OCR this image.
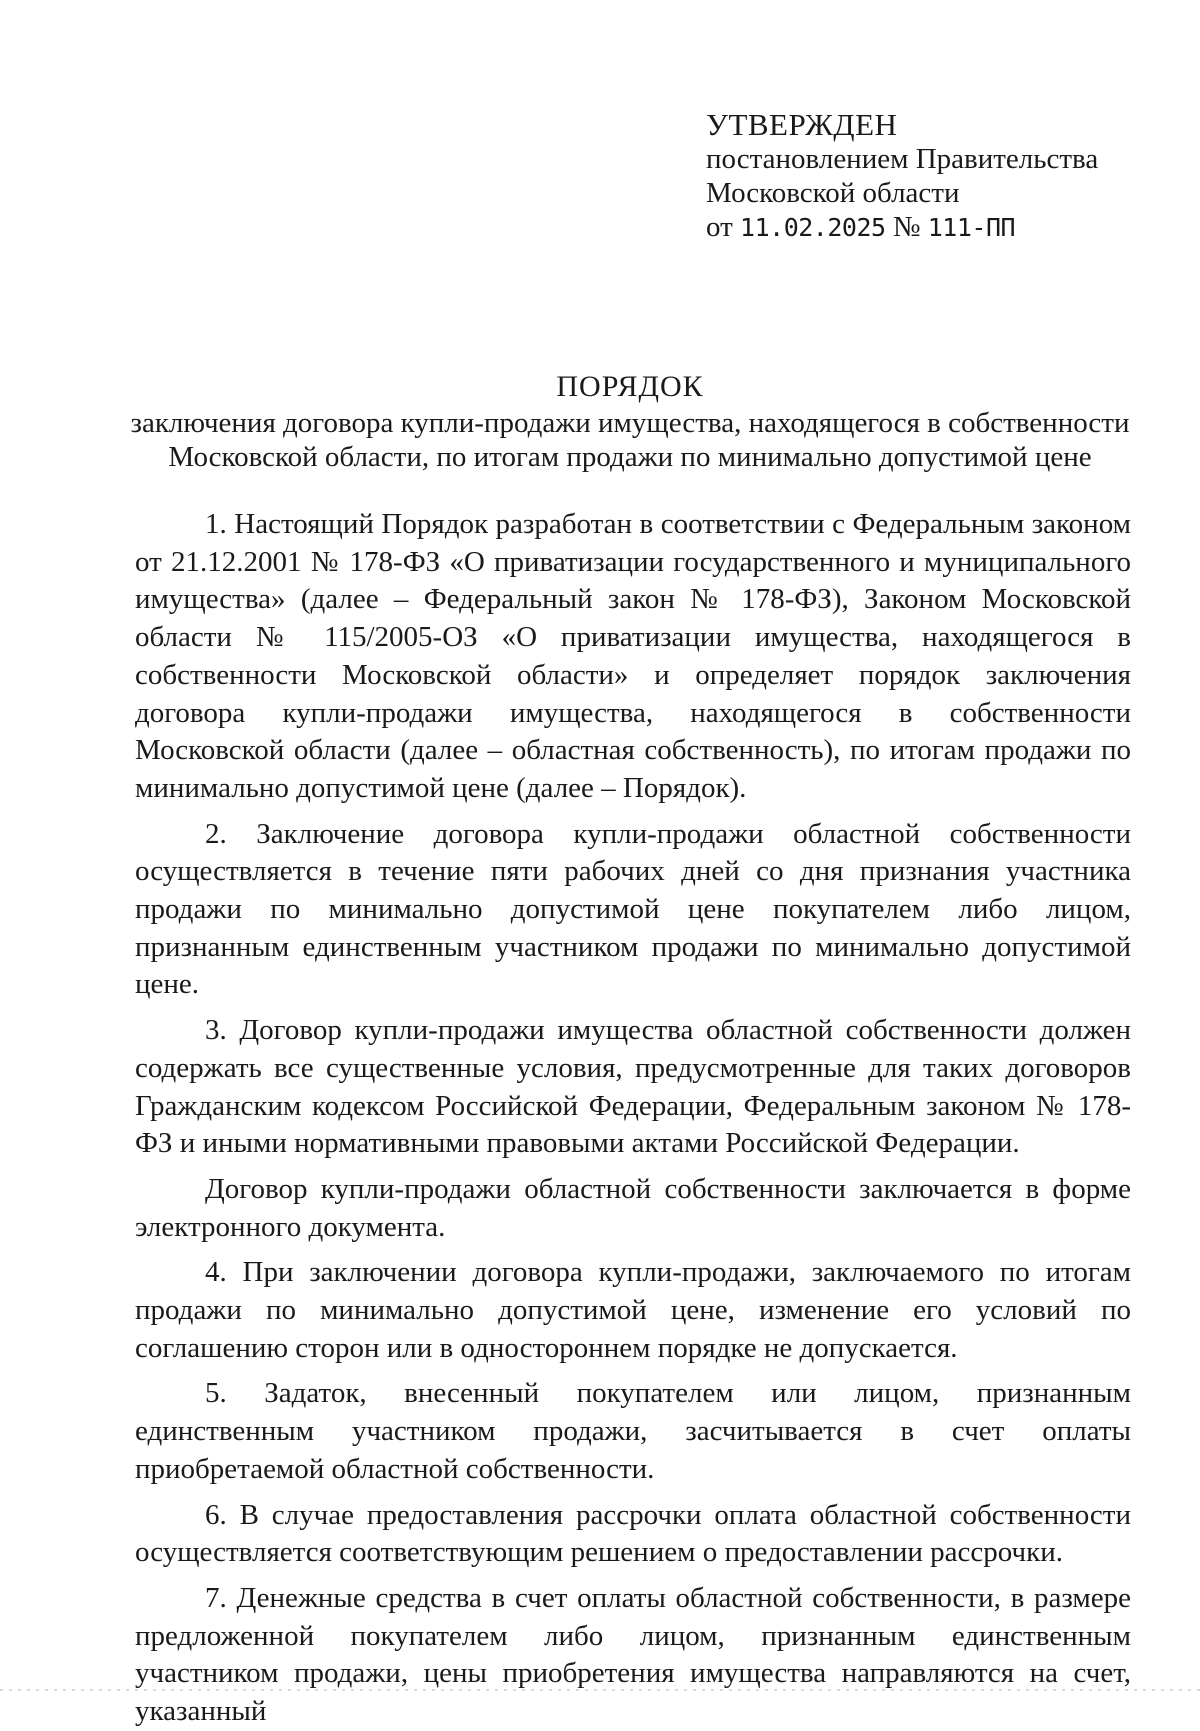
УТВЕРЖДЕН
постановлением Правительства
Московской области
от 11.02.2025 № 111-ПП
ПОРЯДОК
заключения договора купли-продажи имущества, находящегося в собственности
Московской области, по итогам продажи по минимально допустимой цене

1. Настоящий Порядок разработан в соответствии с Федеральным законом от 21.12.2001 № 178-ФЗ «О приватизации государственного и муниципального имущества» (далее – Федеральный закон № 178-ФЗ), Законом Московской области № 115/2005-ОЗ «О приватизации имущества, находящегося в собственности Московской области» и определяет порядок заключения договора купли-продажи имущества, находящегося в собственности Московской области (далее – областная собственность), по итогам продажи по минимально допустимой цене (далее – Порядок).

2. Заключение договора купли-продажи областной собственности осуществляется в течение пяти рабочих дней со дня признания участника продажи по минимально допустимой цене покупателем либо лицом, признанным единственным участником продажи по минимально допустимой цене.

3. Договор купли-продажи имущества областной собственности должен содержать все существенные условия, предусмотренные для таких договоров Гражданским кодексом Российской Федерации, Федеральным законом № 178-ФЗ и иными нормативными правовыми актами Российской Федерации.

Договор купли-продажи областной собственности заключается в форме электронного документа.

4. При заключении договора купли-продажи, заключаемого по итогам продажи по минимально допустимой цене, изменение его условий по соглашению сторон или в одностороннем порядке не допускается.

5. Задаток, внесенный покупателем или лицом, признанным единственным участником продажи, засчитывается в счет оплаты приобретаемой областной собственности.

6. В случае предоставления рассрочки оплата областной собственности осуществляется соответствующим решением о предоставлении рассрочки.

7. Денежные средства в счет оплаты областной собственности, в размере предложенной покупателем либо лицом, признанным единственным участником продажи, цены приобретения имущества направляются на счет, указанный
